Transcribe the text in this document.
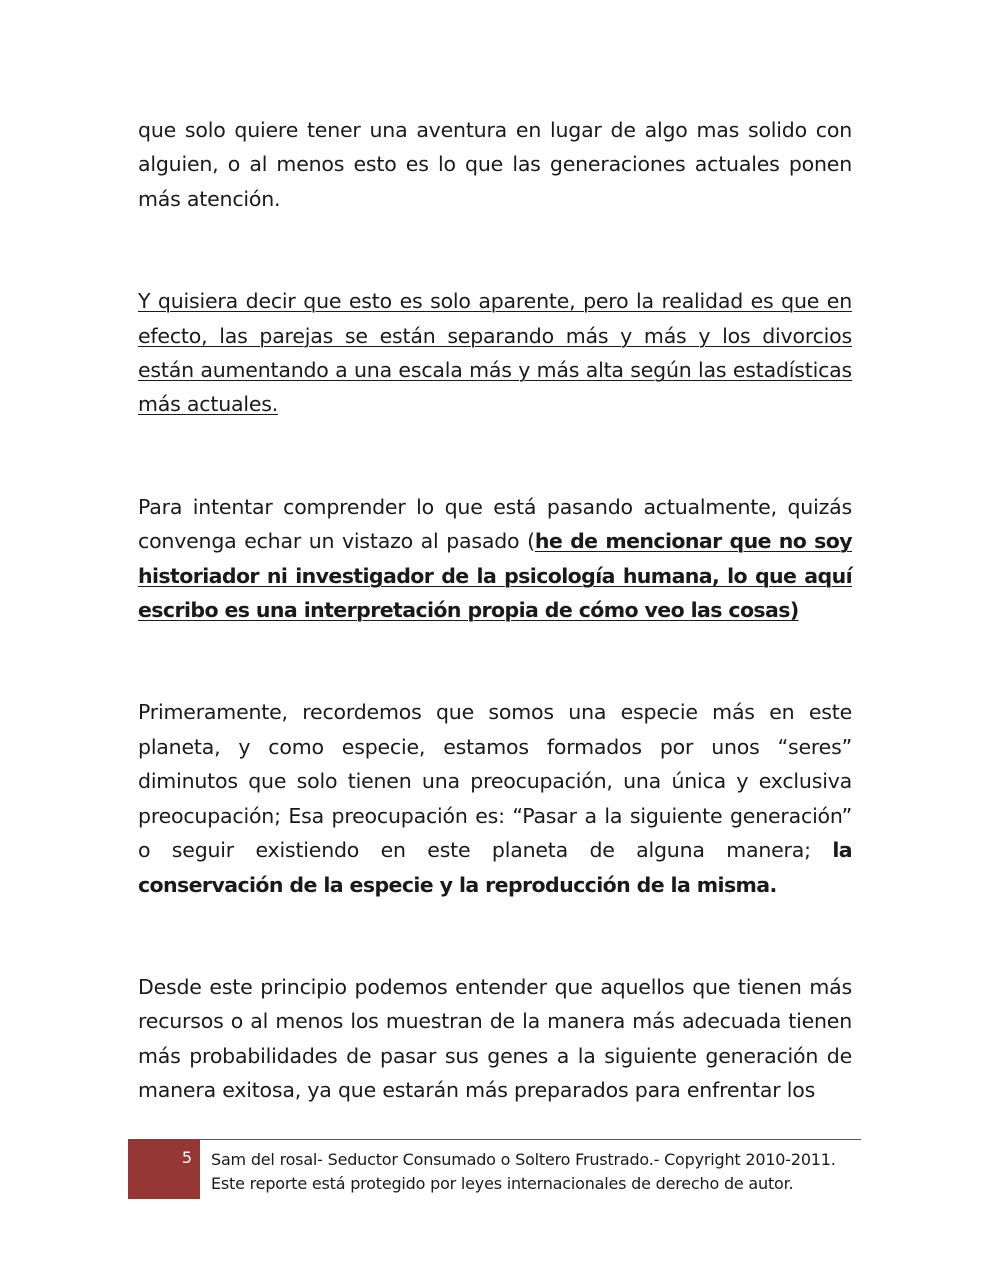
que solo quiere tener una aventura en lugar de algo mas solido con alguien, o al menos esto es lo que las generaciones actuales ponen más atención.

Y quisiera decir que esto es solo aparente, pero la realidad es que en efecto, las parejas se están separando más y más y los divorcios están aumentando a una escala más y más alta según las estadísticas más actuales.

Para intentar comprender lo que está pasando actualmente, quizás convenga echar un vistazo al pasado (he de mencionar que no soy historiador ni investigador de la psicología humana, lo que aquí escribo es una interpretación propia de cómo veo las cosas)

Primeramente, recordemos que somos una especie más en este planeta, y como especie, estamos formados por unos “seres” diminutos que solo tienen una preocupación, una única y exclusiva preocupación; Esa preocupación es: “Pasar a la siguiente generación” o seguir existiendo en este planeta de alguna manera; la conservación de la especie y la reproducción de la misma.

Desde este principio podemos entender que aquellos que tienen más recursos o al menos los muestran de la manera más adecuada tienen más probabilidades de pasar sus genes a la siguiente generación de manera exitosa, ya que estarán más preparados para enfrentar los

5 Sam del rosal- Seductor Consumado o Soltero Frustrado.- Copyright 2010-2011.
Este reporte está protegido por leyes internacionales de derecho de autor.
